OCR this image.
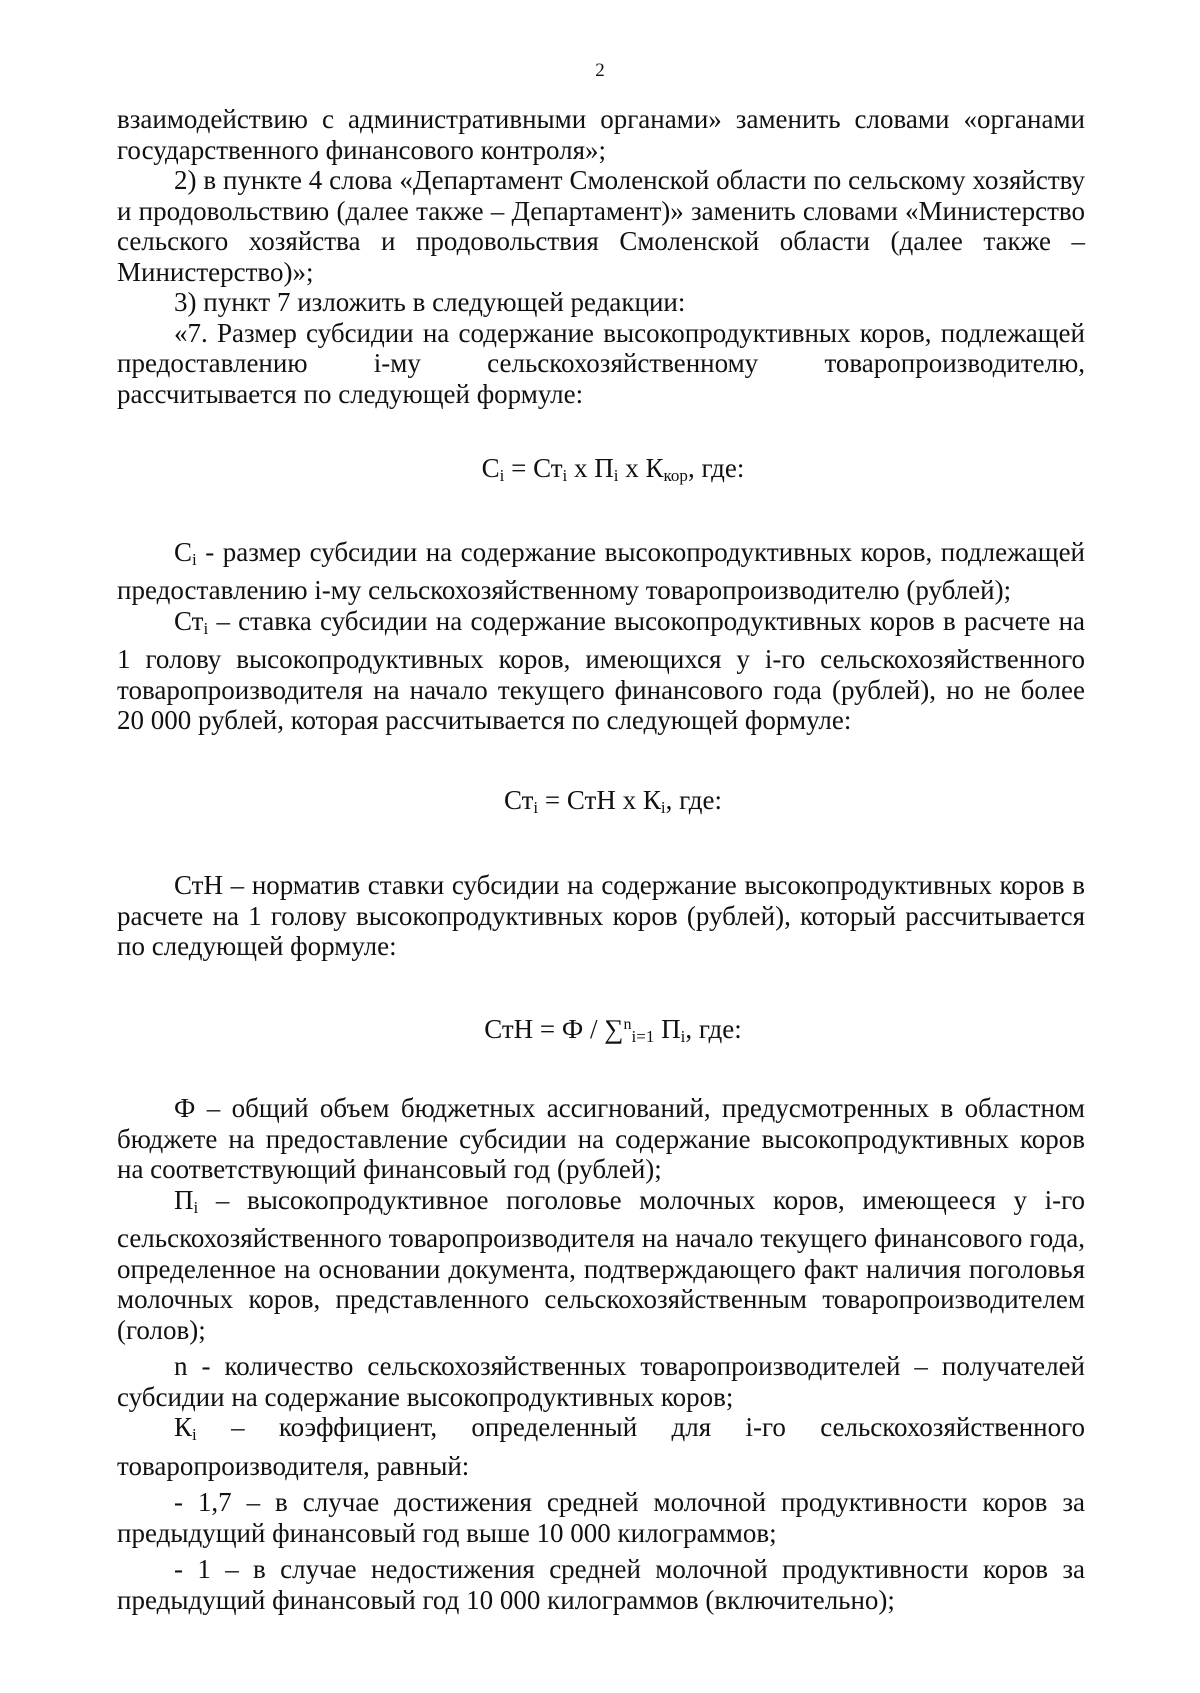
2

взаимодействию с административными органами» заменить словами «органами государственного финансового контроля»;

2) в пункте 4 слова «Департамент Смоленской области по сельскому хозяйству и продовольствию (далее также – Департамент)» заменить словами «Министерство сельского хозяйства и продовольствия Смоленской области (далее также – Министерство)»;

3) пункт 7 изложить в следующей редакции:

«7. Размер субсидии на содержание высокопродуктивных коров, подлежащей предоставлению i-му сельскохозяйственному товаропроизводителю, рассчитывается по следующей формуле:

$С_i = Ст_i$ x $П_i$ x $К_{кор}$, где:

$С_i$ - размер субсидии на содержание высокопродуктивных коров, подлежащей предоставлению i-му сельскохозяйственному товаропроизводителю (рублей);

$Ст_i$ – ставка субсидии на содержание высокопродуктивных коров в расчете на 1 голову высокопродуктивных коров, имеющихся у i-го сельскохозяйственного товаропроизводителя на начало текущего финансового года (рублей), но не более 20 000 рублей, которая рассчитывается по следующей формуле:

$Ст_i$ = СтН x $К_i$, где:

СтН – норматив ставки субсидии на содержание высокопродуктивных коров в расчете на 1 голову высокопродуктивных коров (рублей), который рассчитывается по следующей формуле:

СтН = Ф / ∑$^n_{i=1}$ $П_i$, где:

Ф – общий объем бюджетных ассигнований, предусмотренных в областном бюджете на предоставление субсидии на содержание высокопродуктивных коров на соответствующий финансовый год (рублей);

$П_i$ – высокопродуктивное поголовье молочных коров, имеющееся у i-го сельскохозяйственного товаропроизводителя на начало текущего финансового года, определенное на основании документа, подтверждающего факт наличия поголовья молочных коров, представленного сельскохозяйственным товаропроизводителем (голов);

n - количество сельскохозяйственных товаропроизводителей – получателей субсидии на содержание высокопродуктивных коров;

$К_i$ – коэффициент, определенный для i-го сельскохозяйственного

товаропроизводителя, равный:

- 1,7 – в случае достижения средней молочной продуктивности коров за предыдущий финансовый год выше 10 000 килограммов;

- 1 – в случае недостижения средней молочной продуктивности коров за предыдущий финансовый год 10 000 килограммов (включительно);
